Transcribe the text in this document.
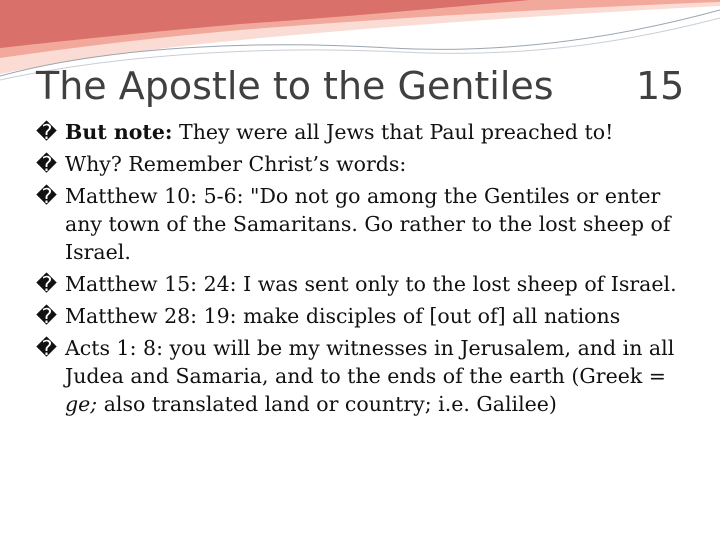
The Apostle to the Gentiles 15
� But note: They were all Jews that Paul preached to!
� Why? Remember Christ’s words:
� Matthew 10: 5-6: "Do not go among the Gentiles or enter any town of the Samaritans. Go rather to the lost sheep of Israel.
� Matthew 15: 24: I was sent only to the lost sheep of Israel.
� Matthew 28: 19: make disciples of [out of] all nations
� Acts 1: 8: you will be my witnesses in Jerusalem, and in all Judea and Samaria, and to the ends of the earth (Greek = ge; also translated land or country; i.e. Galilee)
